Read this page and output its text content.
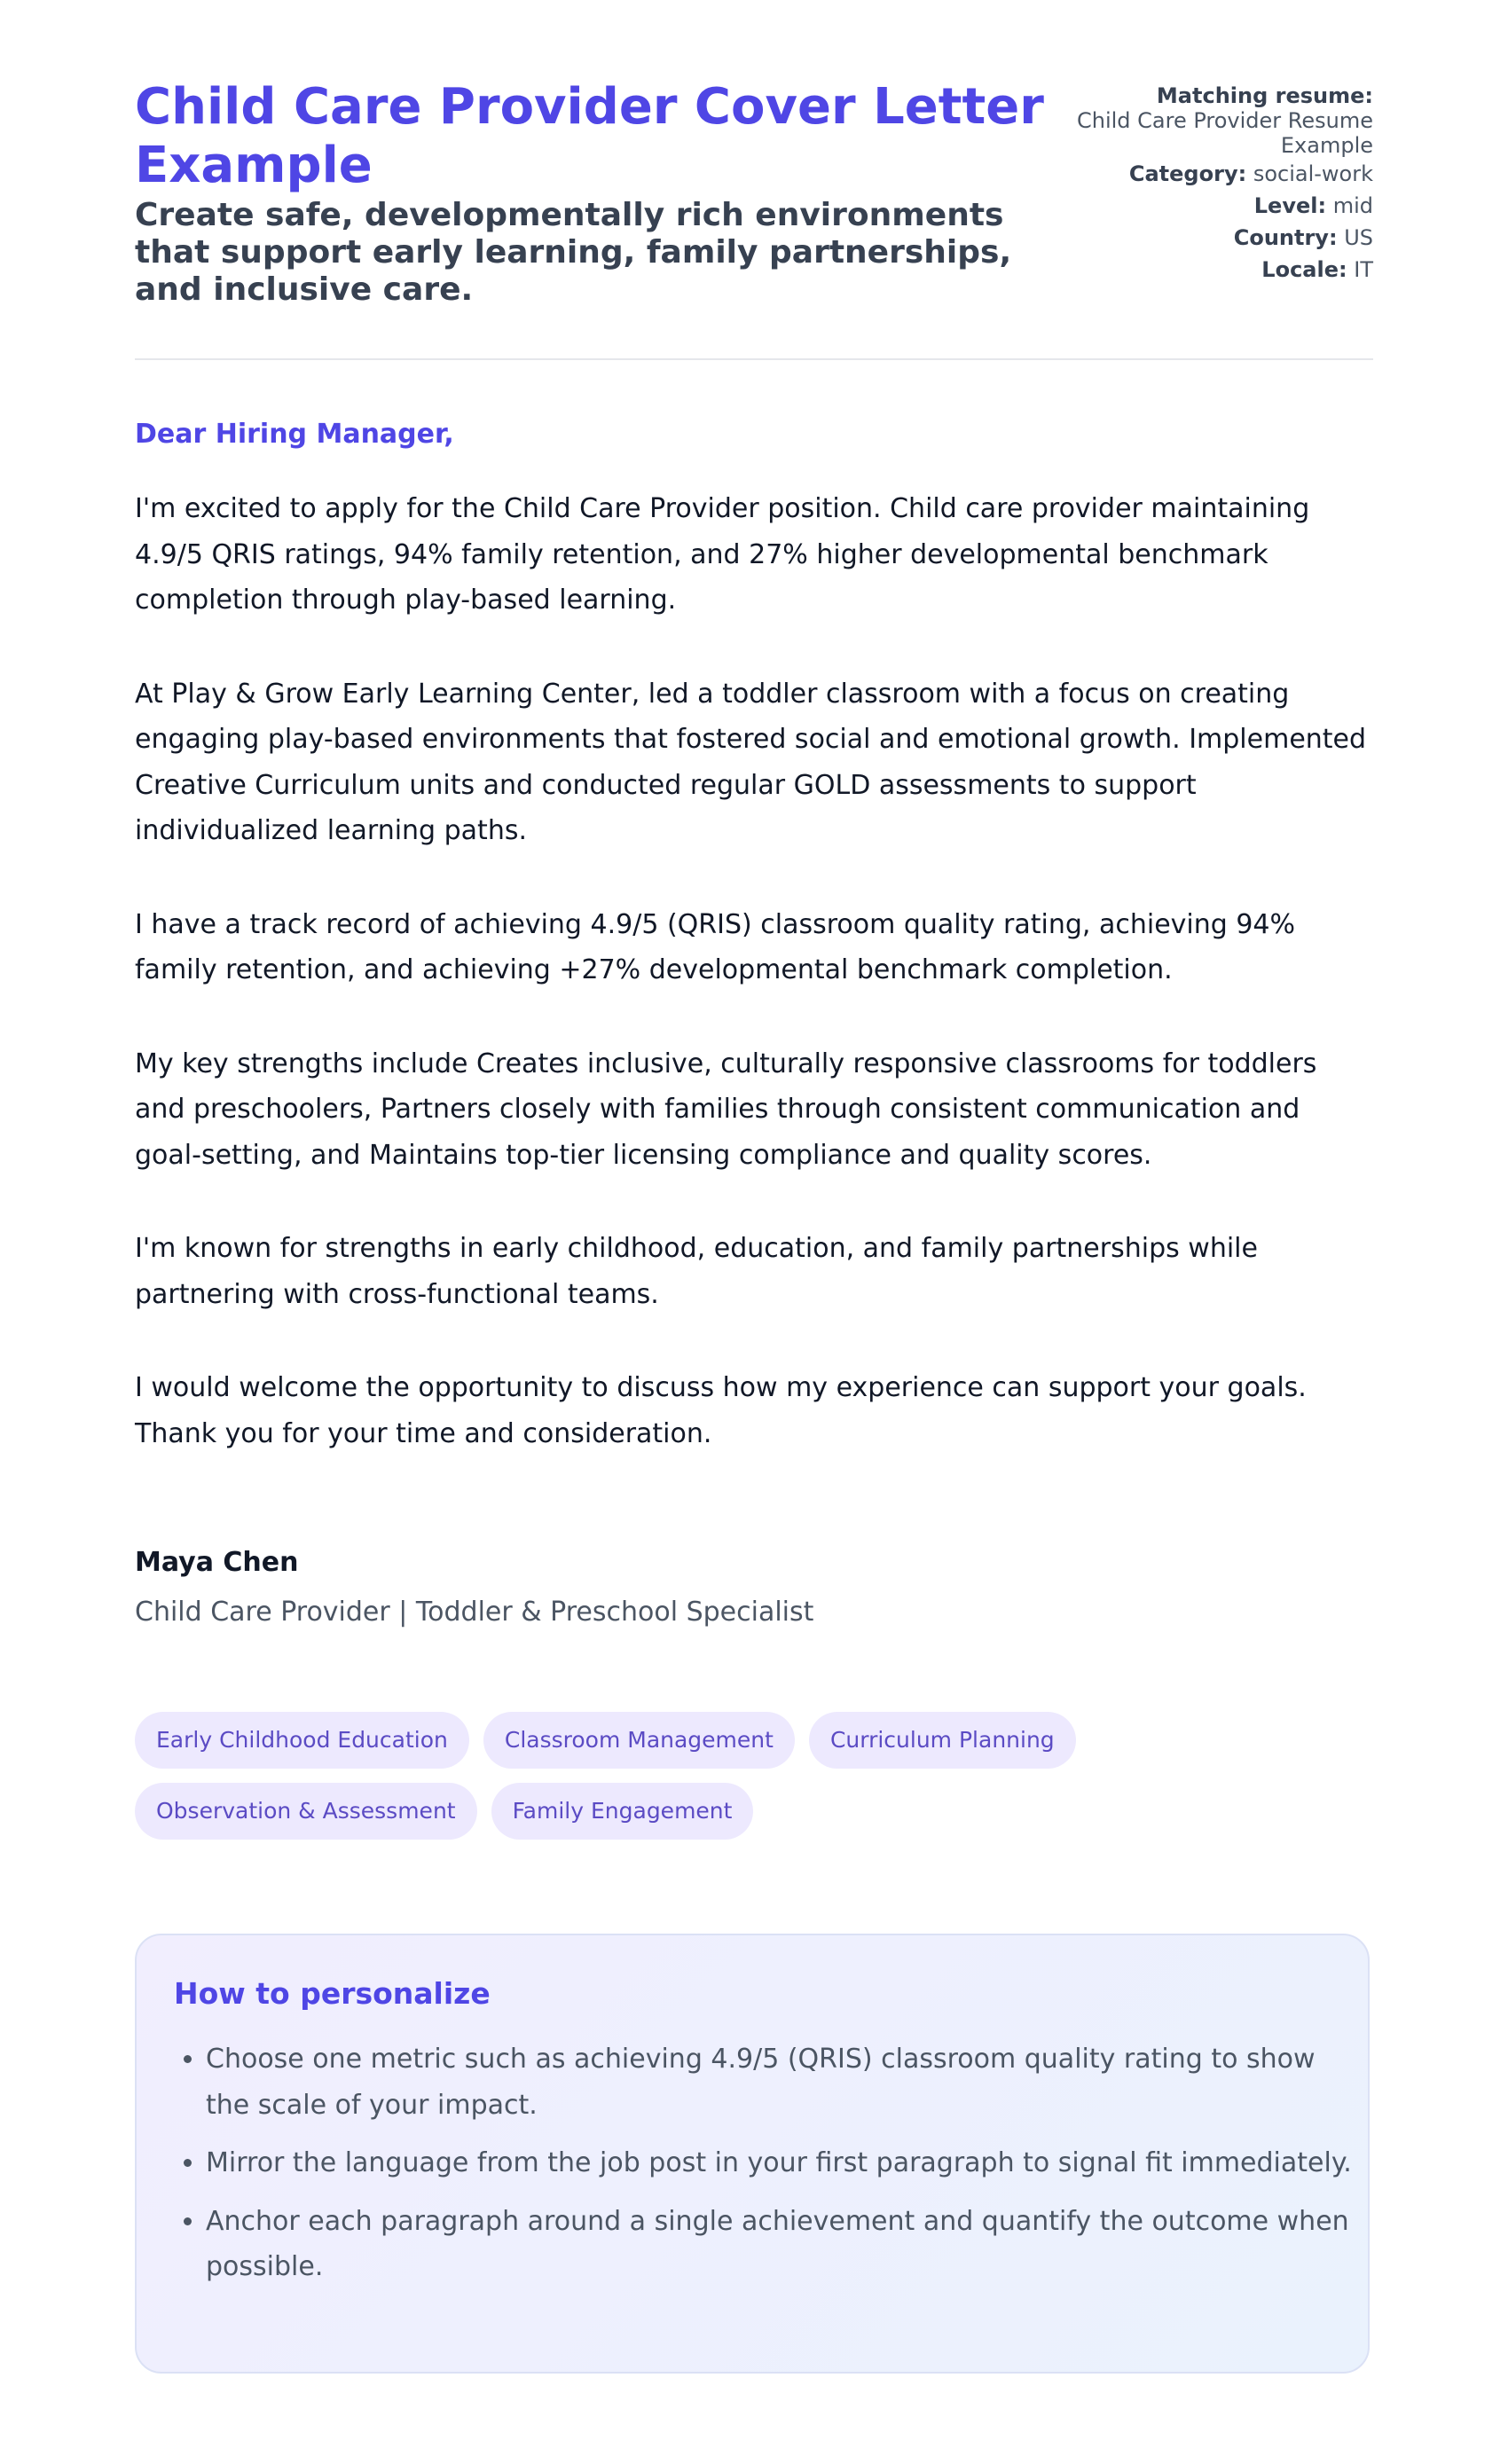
Child Care Provider Cover Letter Example

Create safe, developmentally rich environments that support early learning, family partnerships, and inclusive care.

Matching resume:
Child Care Provider Resume Example
Category: social-work
Level: mid
Country: US
Locale: IT
Dear Hiring Manager,

I'm excited to apply for the Child Care Provider position. Child care provider maintaining 4.9/5 QRIS ratings, 94% family retention, and 27% higher developmental benchmark completion through play-based learning.

At Play & Grow Early Learning Center, led a toddler classroom with a focus on creating engaging play-based environments that fostered social and emotional growth. Implemented Creative Curriculum units and conducted regular GOLD assessments to support individualized learning paths.

I have a track record of achieving 4.9/5 (QRIS) classroom quality rating, achieving 94% family retention, and achieving +27% developmental benchmark completion.

My key strengths include Creates inclusive, culturally responsive classrooms for toddlers and preschoolers, Partners closely with families through consistent communication and goal-setting, and Maintains top-tier licensing compliance and quality scores.

I'm known for strengths in early childhood, education, and family partnerships while partnering with cross-functional teams.

I would welcome the opportunity to discuss how my experience can support your goals. Thank you for your time and consideration.

Maya Chen

Child Care Provider | Toddler & Preschool Specialist

Early Childhood Education	Classroom Management	Curriculum Planning
Observation & Assessment	Family Engagement
How to personalize
• Choose one metric such as achieving 4.9/5 (QRIS) classroom quality rating to show the scale of your impact.
• Mirror the language from the job post in your first paragraph to signal fit immediately.
• Anchor each paragraph around a single achievement and quantify the outcome when possible.
